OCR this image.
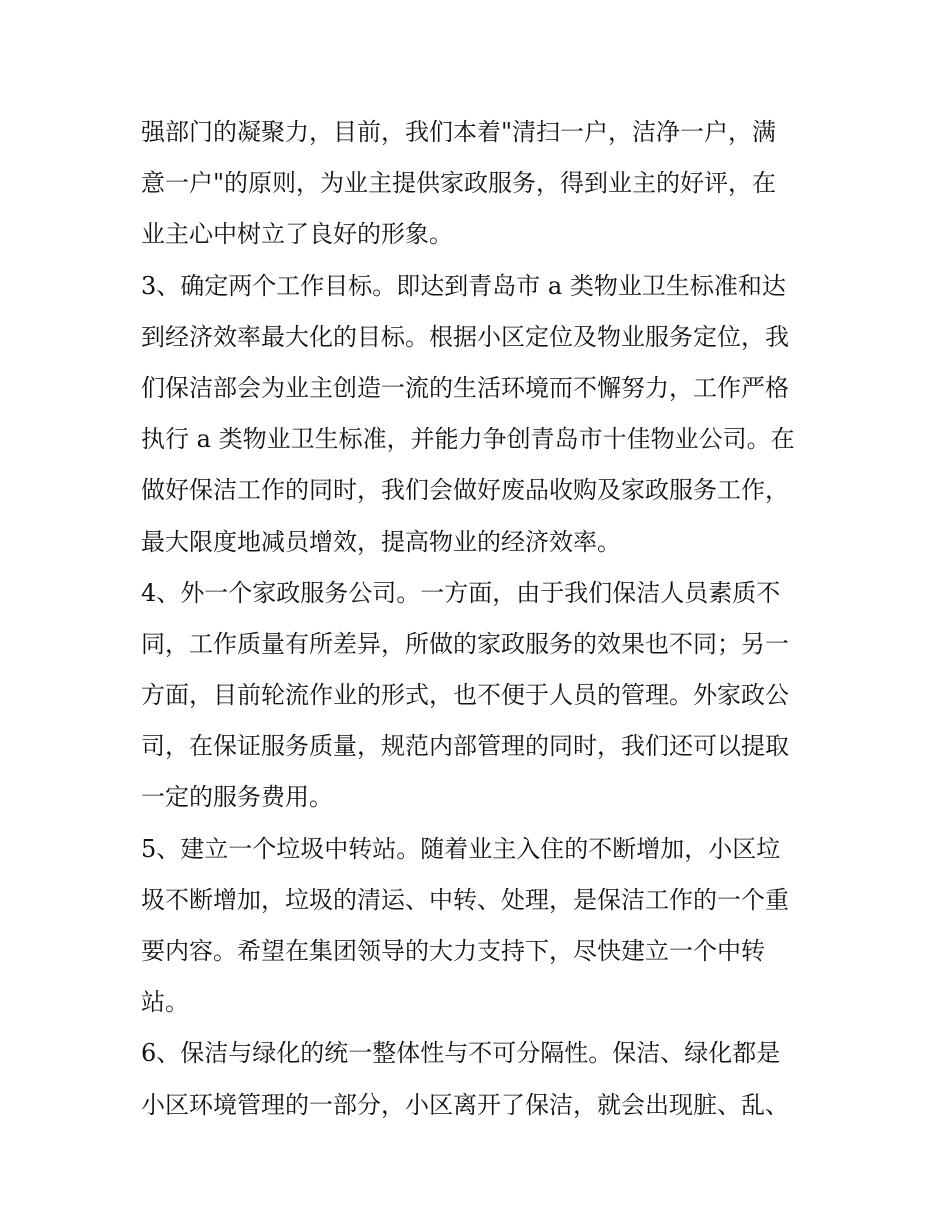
强部门的凝聚力，目前，我们本着"清扫一户，洁净一户，满
意一户"的原则，为业主提供家政服务，得到业主的好评，在
业主心中树立了良好的形象。
3、确定两个工作目标。即达到青岛市 a 类物业卫生标准和达
到经济效率最大化的目标。根据小区定位及物业服务定位，我
们保洁部会为业主创造一流的生活环境而不懈努力，工作严格
执行 a 类物业卫生标准，并能力争创青岛市十佳物业公司。在
做好保洁工作的同时，我们会做好废品收购及家政服务工作，
最大限度地减员增效，提高物业的经济效率。
4、外一个家政服务公司。一方面，由于我们保洁人员素质不
同，工作质量有所差异，所做的家政服务的效果也不同；另一
方面，目前轮流作业的形式，也不便于人员的管理。外家政公
司，在保证服务质量，规范内部管理的同时，我们还可以提取
一定的服务费用。
5、建立一个垃圾中转站。随着业主入住的不断增加，小区垃
圾不断增加，垃圾的清运、中转、处理，是保洁工作的一个重
要内容。希望在集团领导的大力支持下，尽快建立一个中转
站。
6、保洁与绿化的统一整体性与不可分隔性。保洁、绿化都是
小区环境管理的一部分，小区离开了保洁，就会出现脏、乱、
